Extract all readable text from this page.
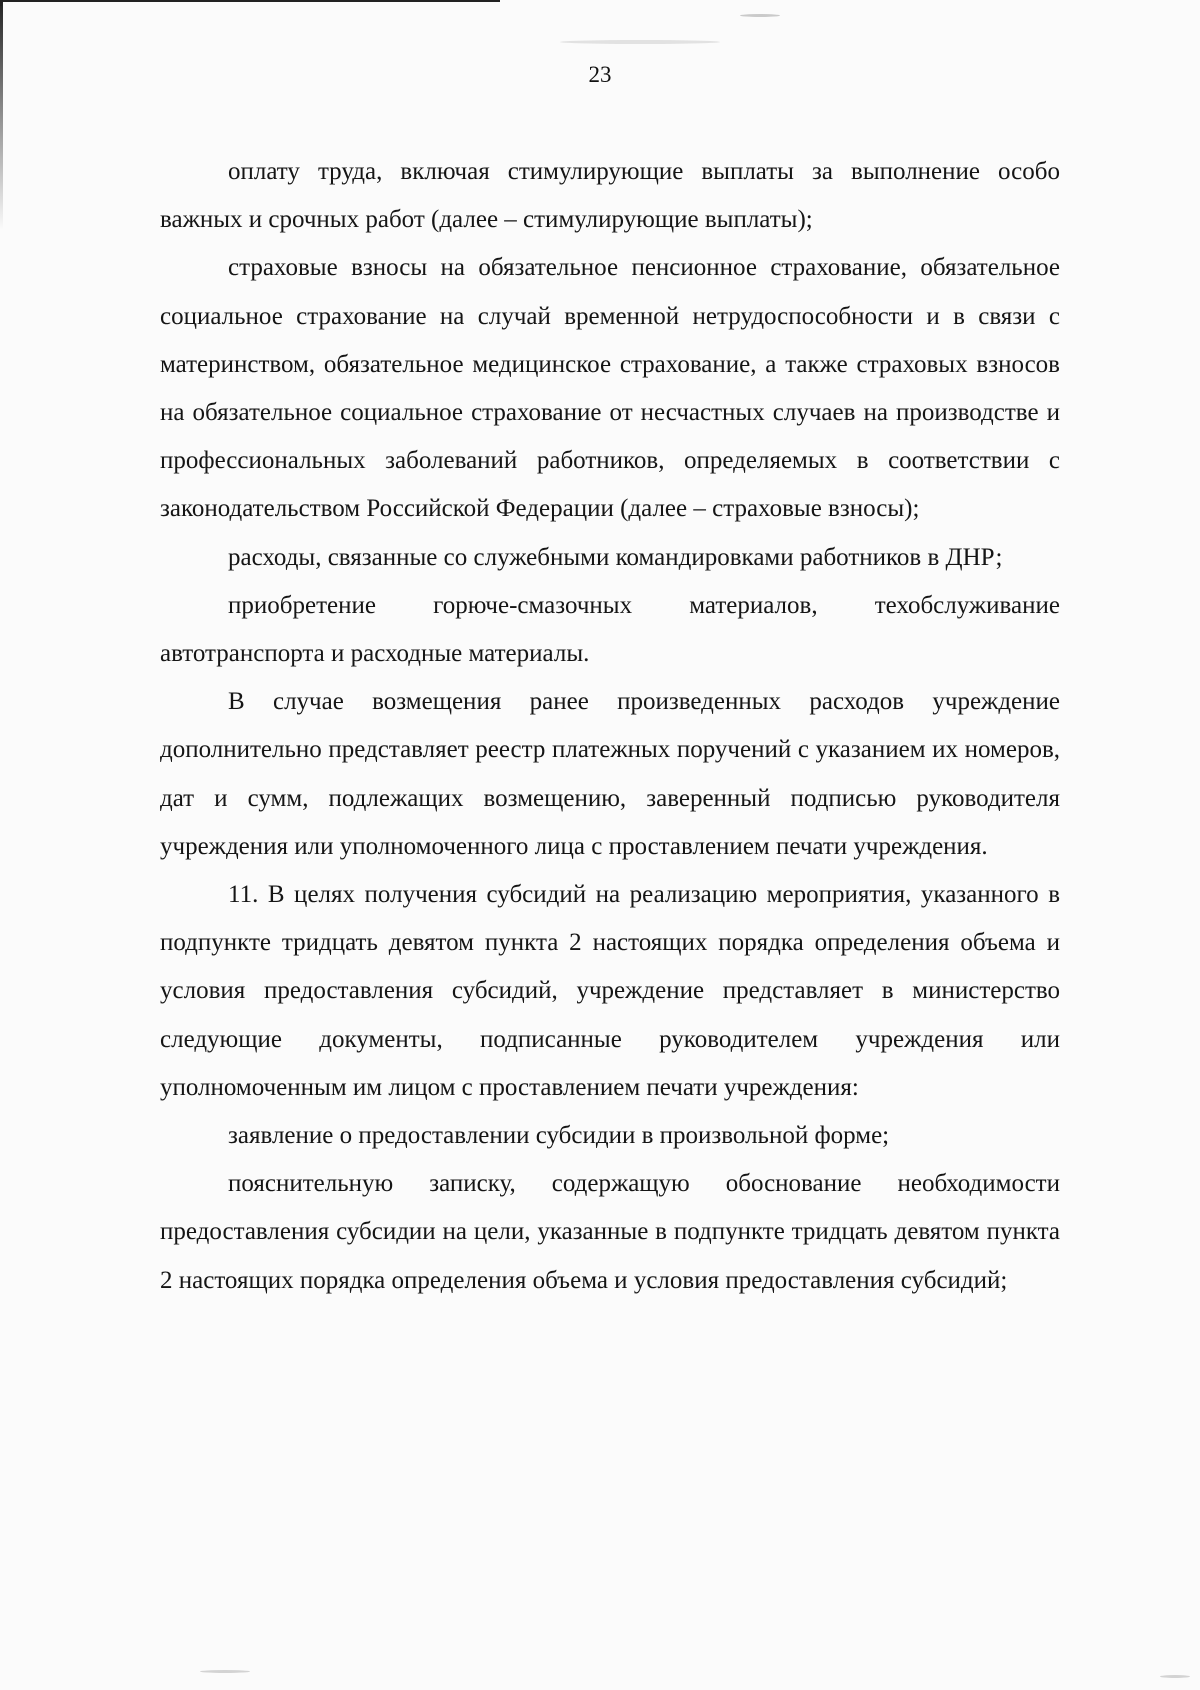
23

оплату труда, включая стимулирующие выплаты за выполнение особо важных и срочных работ (далее – стимулирующие выплаты);

страховые взносы на обязательное пенсионное страхование, обязательное социальное страхование на случай временной нетрудоспособности и в связи с материнством, обязательное медицинское страхование, а также страховых взносов на обязательное социальное страхование от несчастных случаев на производстве и профессиональных заболеваний работников, определяемых в соответствии с законодательством Российской Федерации (далее – страховые взносы);

расходы, связанные со служебными командировками работников в ДНР;

приобретение горюче-смазочных материалов, техобслуживание автотранспорта и расходные материалы.

В случае возмещения ранее произведенных расходов учреждение дополнительно представляет реестр платежных поручений с указанием их номеров, дат и сумм, подлежащих возмещению, заверенный подписью руководителя учреждения или уполномоченного лица с проставлением печати учреждения.

11. В целях получения субсидий на реализацию мероприятия, указанного в подпункте тридцать девятом пункта 2 настоящих порядка определения объема и условия предоставления субсидий, учреждение представляет в министерство следующие документы, подписанные руководителем учреждения или уполномоченным им лицом с проставлением печати учреждения:

заявление о предоставлении субсидии в произвольной форме;

пояснительную записку, содержащую обоснование необходимости предоставления субсидии на цели, указанные в подпункте тридцать девятом пункта 2 настоящих порядка определения объема и условия предоставления субсидий;
